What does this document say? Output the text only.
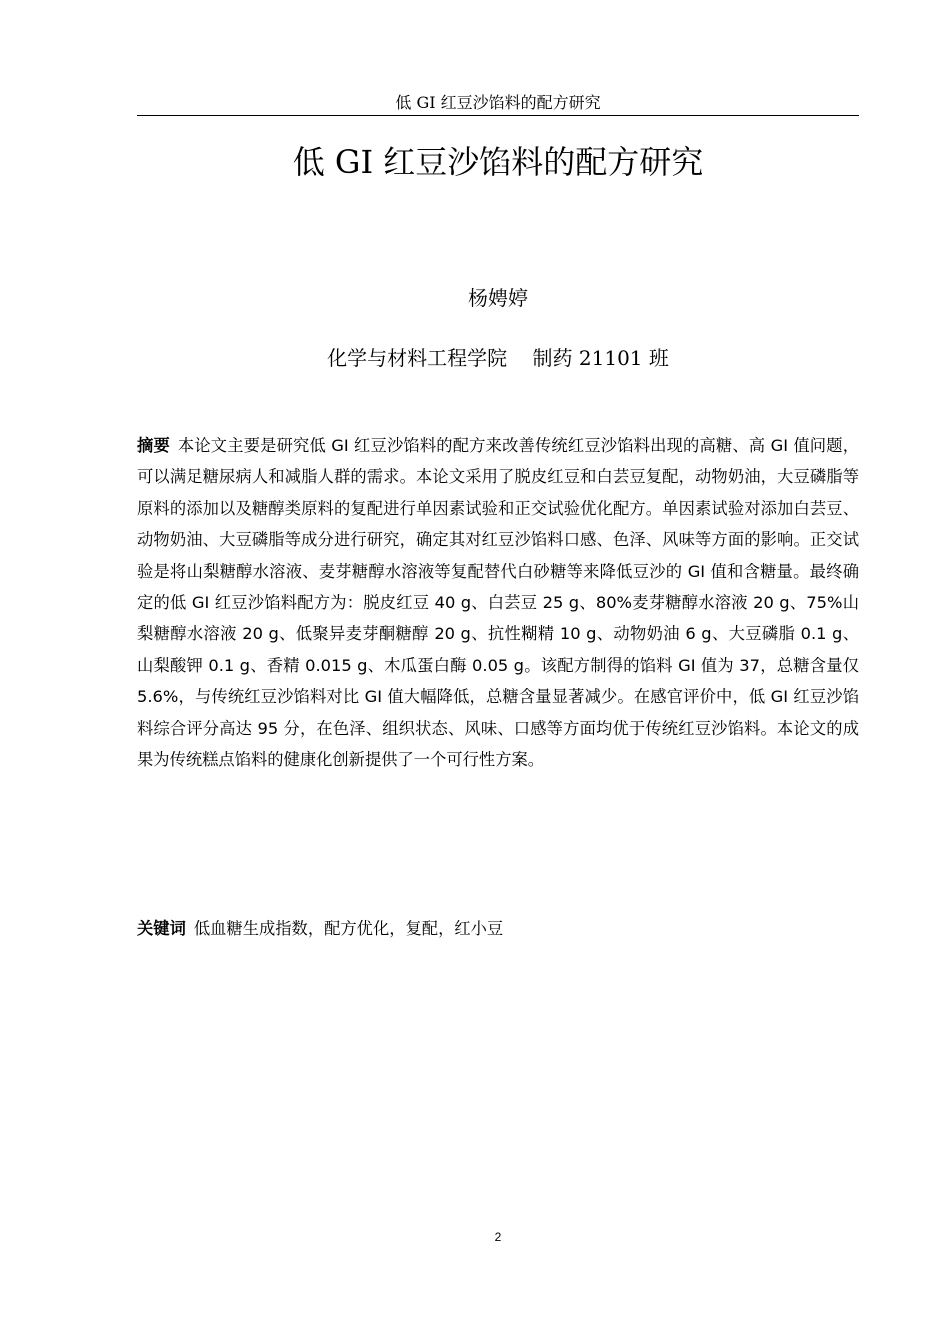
低 GI 红豆沙馅料的配方研究
低 GI 红豆沙馅料的配方研究
杨娉婷
化学与材料工程学院    制药 21101 班

摘要 本论文主要是研究低 GI 红豆沙馅料的配方来改善传统红豆沙馅料出现的高糖、高 GI 值问题，可以满足糖尿病人和减脂人群的需求。本论文采用了脱皮红豆和白芸豆复配，动物奶油，大豆磷脂等原料的添加以及糖醇类原料的复配进行单因素试验和正交试验优化配方。单因素试验对添加白芸豆、动物奶油、大豆磷脂等成分进行研究，确定其对红豆沙馅料口感、色泽、风味等方面的影响。正交试验是将山梨糖醇水溶液、麦芽糖醇水溶液等复配替代白砂糖等来降低豆沙的 GI 值和含糖量。最终确定的低 GI 红豆沙馅料配方为：脱皮红豆 40 g、白芸豆 25 g、80%麦芽糖醇水溶液 20 g、75%山梨糖醇水溶液 20 g、低聚异麦芽酮糖醇 20 g、抗性糊精 10 g、动物奶油 6 g、大豆磷脂 0.1 g、山梨酸钾 0.1 g、香精 0.015 g、木瓜蛋白酶 0.05 g。该配方制得的馅料 GI 值为 37，总糖含量仅 5.6%，与传统红豆沙馅料对比 GI 值大幅降低，总糖含量显著减少。在感官评价中，低 GI 红豆沙馅料综合评分高达 95 分，在色泽、组织状态、风味、口感等方面均优于传统红豆沙馅料。本论文的成果为传统糕点馅料的健康化创新提供了一个可行性方案。

关键词 低血糖生成指数，配方优化，复配，红小豆

2
